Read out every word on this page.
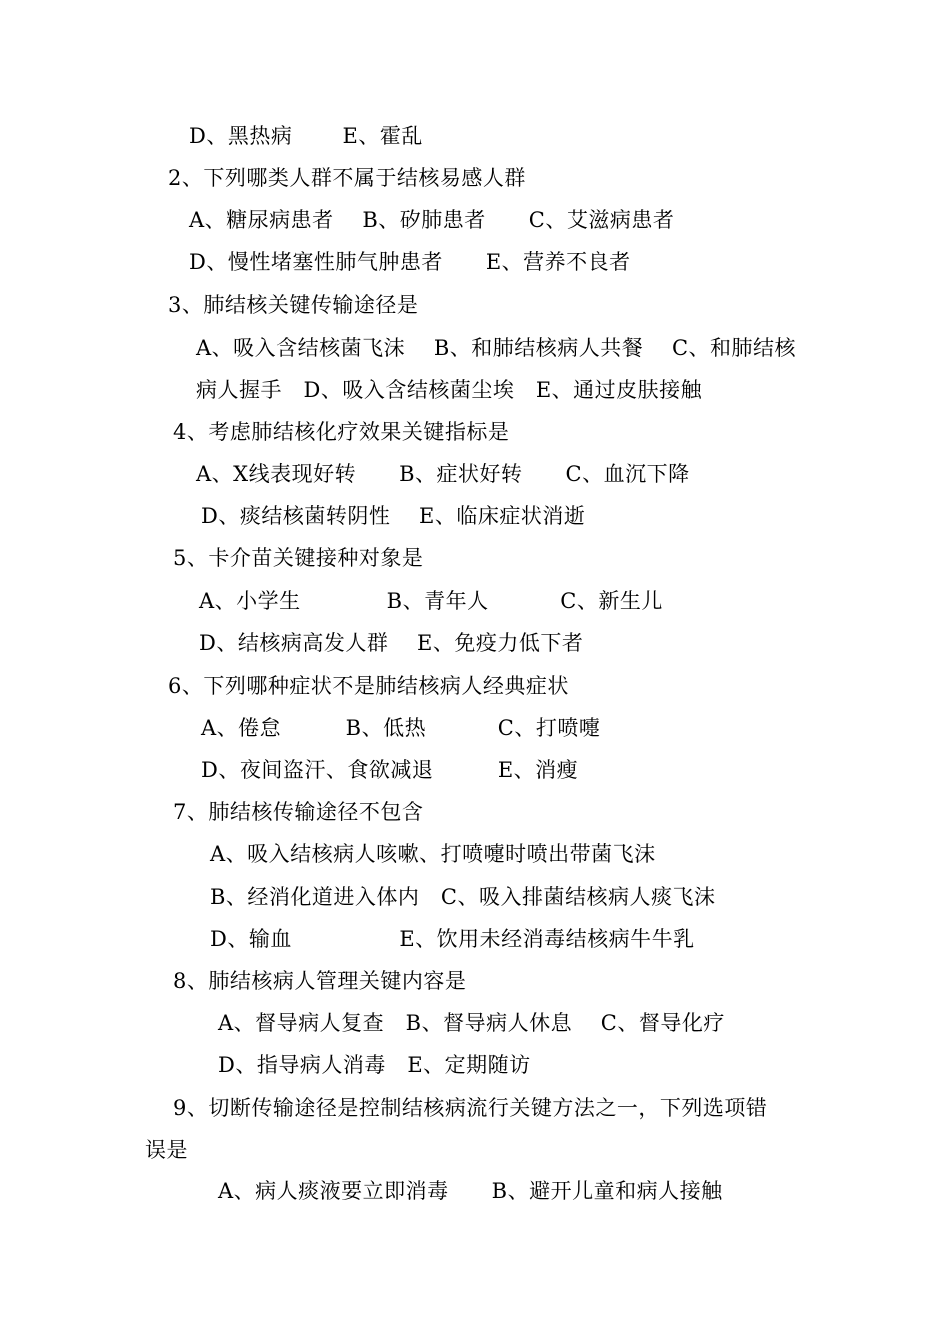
D、黑热病　　 E、霍乱
2、下列哪类人群不属于结核易感人群
A、糖尿病患者　 B、矽肺患者　　C、艾滋病患者
D、慢性堵塞性肺气肿患者　　E、营养不良者
3、肺结核关键传输途径是
A、吸入含结核菌飞沫　 B、和肺结核病人共餐　 C、和肺结核
病人握手　D、吸入含结核菌尘埃　E、通过皮肤接触
4、考虑肺结核化疗效果关键指标是
A、X线表现好转　　B、症状好转　　C、血沉下降
D、痰结核菌转阴性　 E、临床症状消逝
5、卡介苗关键接种对象是
A、小学生　　　　B、青年人　　　 C、新生儿
D、结核病高发人群　 E、免疫力低下者
6、下列哪种症状不是肺结核病人经典症状
A、倦怠　　　B、低热　　　 C、打喷嚏
D、夜间盗汗、食欲减退　　　E、消瘦
7、肺结核传输途径不包含
A、吸入结核病人咳嗽、打喷嚏时喷出带菌飞沫
B、经消化道进入体内　C、吸入排菌结核病人痰飞沫
D、输血　　　　　E、饮用未经消毒结核病牛牛乳
8、肺结核病人管理关键内容是
A、督导病人复查　B、督导病人休息　 C、督导化疗
D、指导病人消毒　E、定期随访
9、切断传输途径是控制结核病流行关键方法之一，下列选项错
误是
A、病人痰液要立即消毒　　B、避开儿童和病人接触
